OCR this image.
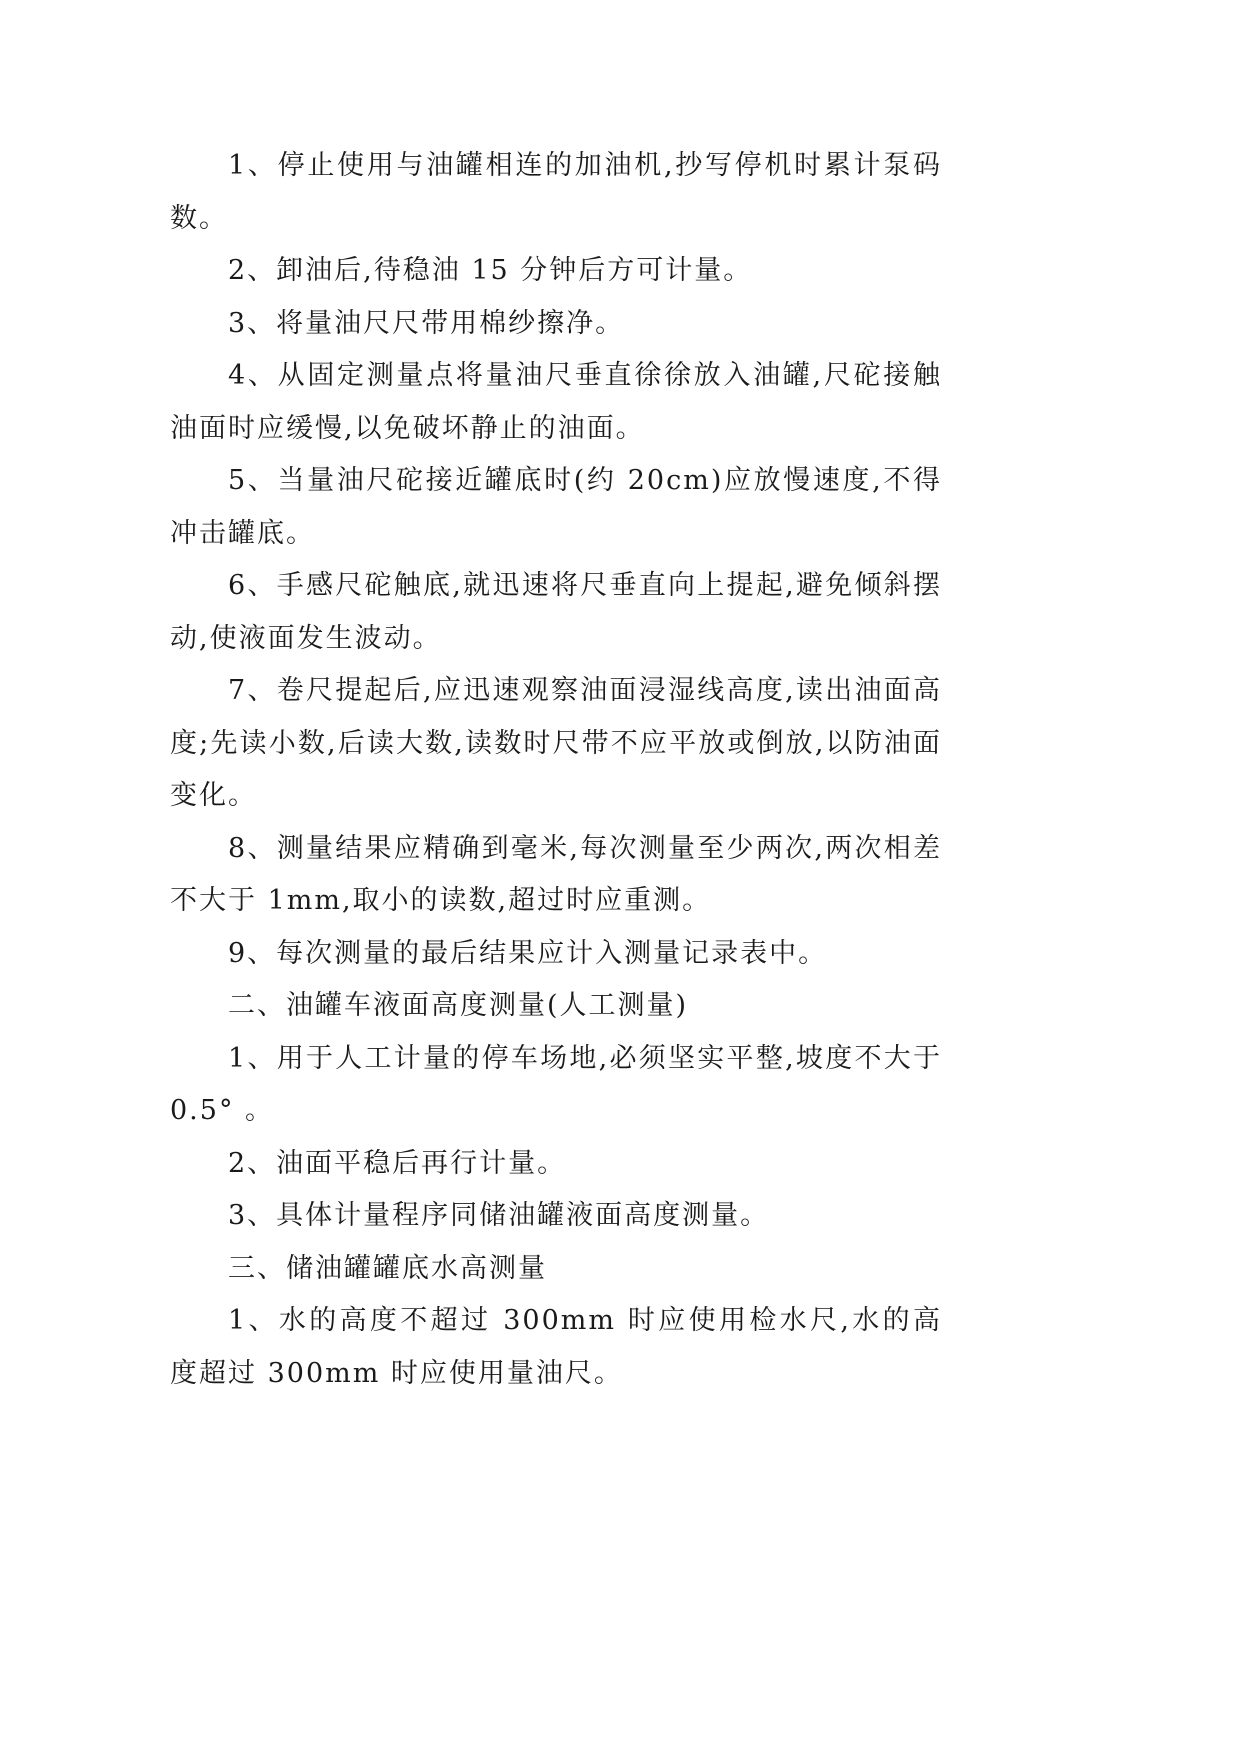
1、停止使用与油罐相连的加油机,抄写停机时累计泵码数。

2、卸油后,待稳油 15 分钟后方可计量。

3、将量油尺尺带用棉纱擦净。

4、从固定测量点将量油尺垂直徐徐放入油罐,尺砣接触油面时应缓慢,以免破坏静止的油面。

5、当量油尺砣接近罐底时(约 20cm)应放慢速度,不得冲击罐底。

6、手感尺砣触底,就迅速将尺垂直向上提起,避免倾斜摆动,使液面发生波动。

7、卷尺提起后,应迅速观察油面浸湿线高度,读出油面高度;先读小数,后读大数,读数时尺带不应平放或倒放,以防油面变化。

8、测量结果应精确到毫米,每次测量至少两次,两次相差不大于 1mm,取小的读数,超过时应重测。

9、每次测量的最后结果应计入测量记录表中。

二、油罐车液面高度测量(人工测量)

1、用于人工计量的停车场地,必须坚实平整,坡度不大于 0.5° 。

2、油面平稳后再行计量。

3、具体计量程序同储油罐液面高度测量。

三、储油罐罐底水高测量

1、水的高度不超过 300mm 时应使用检水尺,水的高度超过 300mm 时应使用量油尺。
